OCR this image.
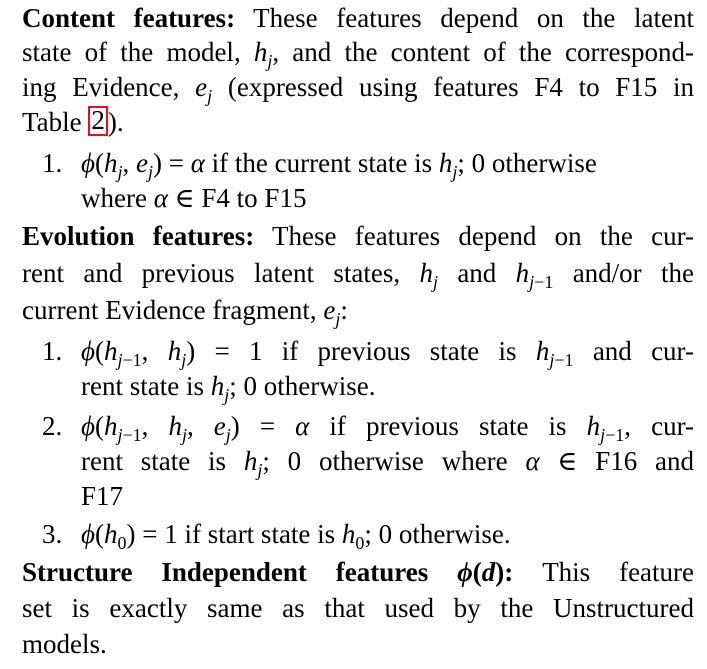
Content features: These features depend on the latent
state of the model, $h_j$, and the content of the correspond-
ing Evidence, $e_j$ (expressed using features F4 to F15 in
Table 2 ).
1. $\phi(h_j$, $e_j) = \alpha$ if the current state is $h_j$; 0 otherwise
where α ∈ F4 to F15
Evolution features: These features depend on the cur-
rent and previous latent states, $h_j$ and $h_{j-1}$ and/or the
current Evidence fragment, $e_j$:
1. $\phi(h_{j-1}$, $h_j) = 1$ if previous state is $h_{j-1}$ and cur-
rent state is $h_j$; 0 otherwise.
2. $\phi(h_{j-1}$, $h_j$, $e_j) = \alpha$ if previous state is $h_{j-1}$, cur-
rent state is $h_j$; 0 otherwise where α ∈ F16 and
F17
3. $\phi(h_0) = 1$ if start state is $h_0$; 0 otherwise.
Structure Independent features ϕ(d): This feature
set is exactly same as that used by the Unstructured
models.
